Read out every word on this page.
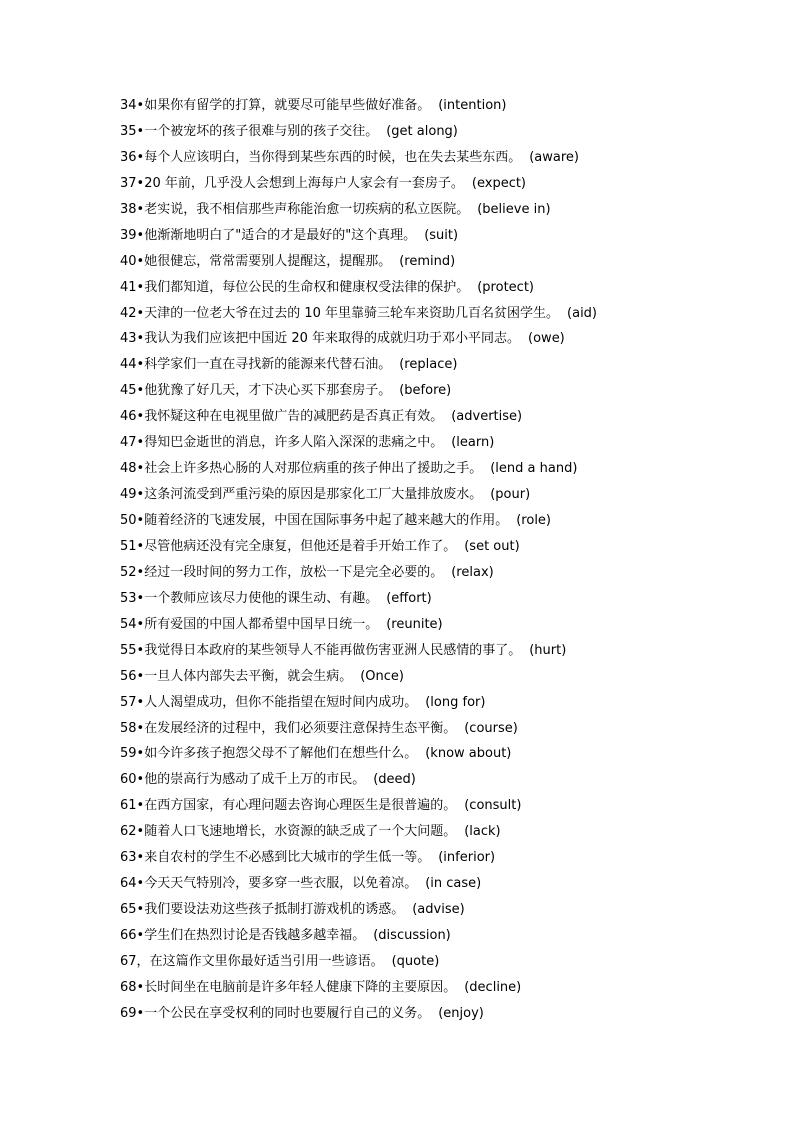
34•如果你有留学的打算，就要尽可能早些做好准备。 (intention)
35•一个被宠坏的孩子很难与别的孩子交往。 (get along)
36•每个人应该明白，当你得到某些东西的时候，也在失去某些东西。 (aware)
37•20 年前，几乎没人会想到上海每户人家会有一套房子。 (expect)
38•老实说，我不相信那些声称能治愈一切疾病的私立医院。 (believe in)
39•他渐渐地明白了"适合的才是最好的"这个真理。 (suit)
40•她很健忘，常常需要别人提醒这，提醒那。 (remind)
41•我们都知道，每位公民的生命权和健康权受法律的保护。 (protect)
42•天津的一位老大爷在过去的 10 年里靠骑三轮车来资助几百名贫困学生。 (aid)
43•我认为我们应该把中国近 20 年来取得的成就归功于邓小平同志。 (owe)
44•科学家们一直在寻找新的能源来代替石油。 (replace)
45•他犹豫了好几天，才下决心买下那套房子。 (before)
46•我怀疑这种在电视里做广告的减肥药是否真正有效。 (advertise)
47•得知巴金逝世的消息，许多人陷入深深的悲痛之中。 (learn)
48•社会上许多热心肠的人对那位病重的孩子伸出了援助之手。 (lend a hand)
49•这条河流受到严重污染的原因是那家化工厂大量排放废水。 (pour)
50•随着经济的飞速发展，中国在国际事务中起了越来越大的作用。 (role)
51•尽管他病还没有完全康复，但他还是着手开始工作了。 (set out)
52•经过一段时间的努力工作，放松一下是完全必要的。 (relax)
53•一个教师应该尽力使他的课生动、有趣。 (effort)
54•所有爱国的中国人都希望中国早日统一。 (reunite)
55•我觉得日本政府的某些领导人不能再做伤害亚洲人民感情的事了。 (hurt)
56•一旦人体内部失去平衡，就会生病。 (Once)
57•人人渴望成功，但你不能指望在短时间内成功。 (long for)
58•在发展经济的过程中，我们必须要注意保持生态平衡。 (course)
59•如今许多孩子抱怨父母不了解他们在想些什么。 (know about)
60•他的崇高行为感动了成千上万的市民。 (deed)
61•在西方国家，有心理问题去咨询心理医生是很普遍的。 (consult)
62•随着人口飞速地增长，水资源的缺乏成了一个大问题。 (lack)
63•来自农村的学生不必感到比大城市的学生低一等。 (inferior)
64•今天天气特别冷，要多穿一些衣服，以免着凉。 (in case)
65•我们要设法劝这些孩子抵制打游戏机的诱惑。 (advise)
66•学生们在热烈讨论是否钱越多越幸福。 (discussion)
67，在这篇作文里你最好适当引用一些谚语。 (quote)
68•长时间坐在电脑前是许多年轻人健康下降的主要原因。 (decline)
69•一个公民在享受权利的同时也要履行自己的义务。 (enjoy)
